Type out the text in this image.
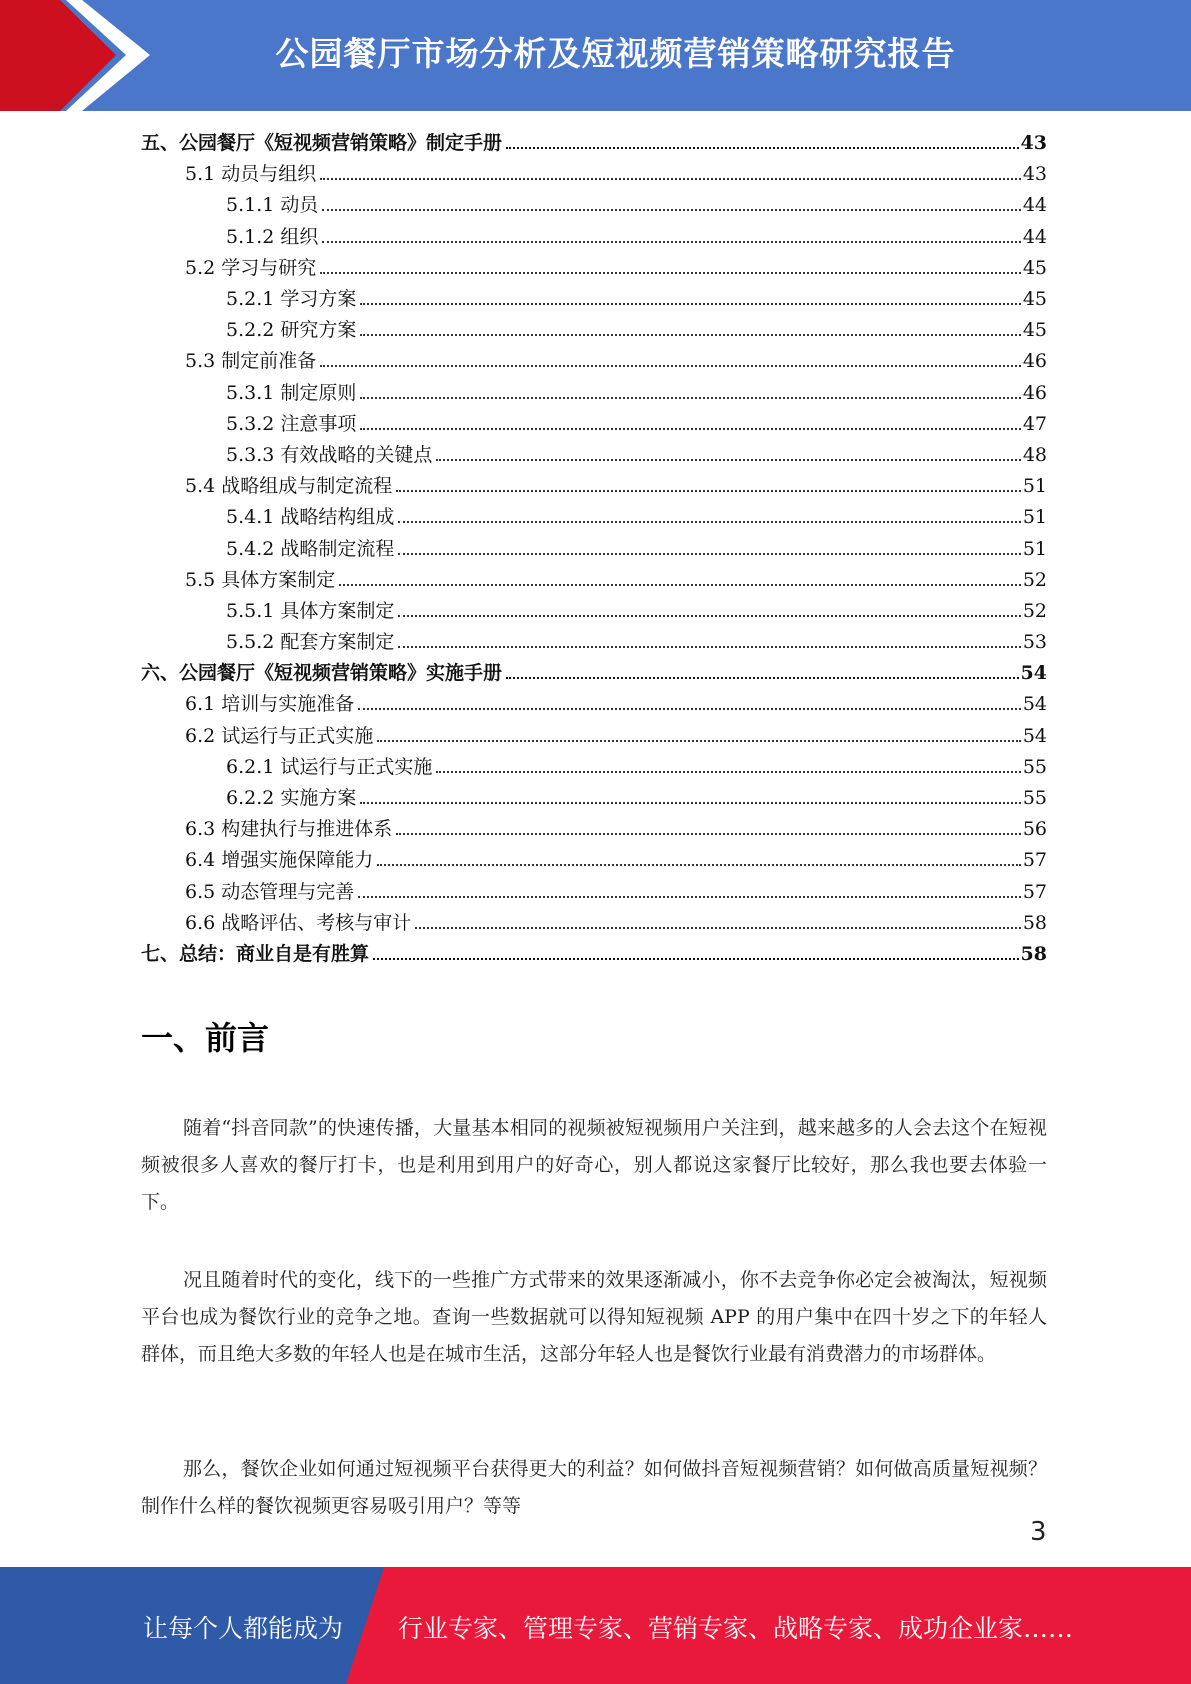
公园餐厅市场分析及短视频营销策略研究报告
五、公园餐厅《短视频营销策略》制定手册	43
5.1 动员与组织	43
5.1.1 动员	44
5.1.2 组织	44
5.2 学习与研究	45
5.2.1 学习方案	45
5.2.2 研究方案	45
5.3 制定前准备	46
5.3.1 制定原则	46
5.3.2 注意事项	47
5.3.3 有效战略的关键点	48
5.4 战略组成与制定流程	51
5.4.1 战略结构组成	51
5.4.2 战略制定流程	51
5.5 具体方案制定	52
5.5.1 具体方案制定	52
5.5.2 配套方案制定	53
六、公园餐厅《短视频营销策略》实施手册	54
6.1 培训与实施准备	54
6.2 试运行与正式实施	54
6.2.1 试运行与正式实施	55
6.2.2 实施方案	55
6.3 构建执行与推进体系	56
6.4 增强实施保障能力	57
6.5 动态管理与完善	57
6.6 战略评估、考核与审计	58
七、总结：商业自是有胜算	58
一、前言

随着“抖音同款”的快速传播，大量基本相同的视频被短视频用户关注到，越来越多的人会去这个在短视频被很多人喜欢的餐厅打卡，也是利用到用户的好奇心，别人都说这家餐厅比较好，那么我也要去体验一下。

况且随着时代的变化，线下的一些推广方式带来的效果逐渐减小，你不去竞争你必定会被淘汰，短视频平台也成为餐饮行业的竞争之地。查询一些数据就可以得知短视频 APP 的用户集中在四十岁之下的年轻人群体，而且绝大多数的年轻人也是在城市生活，这部分年轻人也是餐饮行业最有消费潜力的市场群体。

那么，餐饮企业如何通过短视频平台获得更大的利益？如何做抖音短视频营销？如何做高质量短视频？制作什么样的餐饮视频更容易吸引用户？等等

3
让每个人都能成为 行业专家、管理专家、营销专家、战略专家、成功企业家……
